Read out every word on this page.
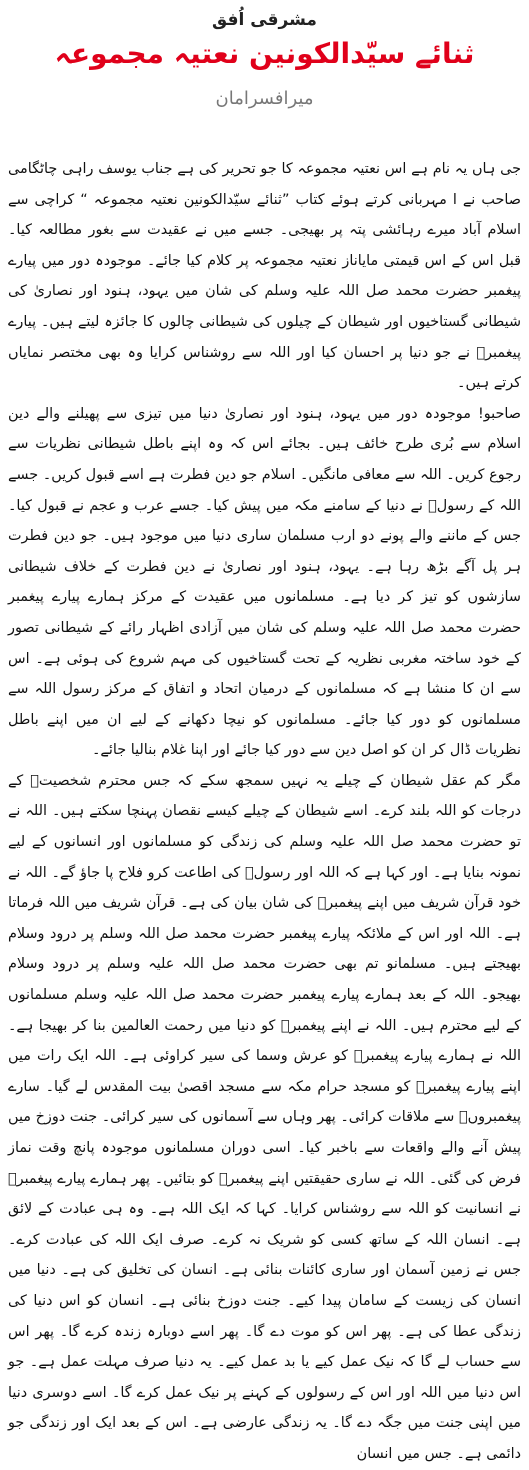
مشرقی اُفق
ثنائے سیّدالکونین نعتیہ مجموعہ
میرافسرامان

جی ہاں یہ نام ہے اس نعتیہ مجموعہ کا جو تحریر کی ہے جناب یوسف راہی چاٹگامی صاحب نے ا مہربانی کرتے ہوئے کتاب ”ثنائے سیّدالکونین نعتیہ مجموعہ “ کراچی سے اسلام آباد میرے رہائشی پتہ پر بھیجی۔ جسے میں نے عقیدت سے بغور مطالعہ کیا۔ قبل اس کے اس قیمتی مایاناز نعتیہ مجموعہ پر کلام کیا جائے۔ موجودہ دور میں پیارے پیغمبر حضرت محمد صل اللہ علیہ وسلم کی شان میں یہود، ہنود اور نصاریٰ کی شیطانی گستاخیوں اور شیطان کے چیلوں کی شیطانی چالوں کا جائزہ لیتے ہیں۔ پیارے پیغمبرؐ نے جو دنیا پر احسان کیا اور اللہ سے روشناس کرایا وہ بھی مختصر نمایاں کرتے ہیں۔

صاحبو! موجودہ دور میں یہود، ہنود اور نصاریٰ دنیا میں تیزی سے پھیلنے والے دین اسلام سے بُری طرح خائف ہیں۔ بجائے اس کہ وہ اپنے باطل شیطانی نظریات سے رجوع کریں۔ اللہ سے معافی مانگیں۔ اسلام جو دین فطرت ہے اسے قبول کریں۔ جسے اللہ کے رسولؐ نے دنیا کے سامنے مکہ میں پیش کیا۔ جسے عرب و عجم نے قبول کیا۔ جس کے ماننے والے پونے دو ارب مسلمان ساری دنیا میں موجود ہیں۔ جو دین فطرت ہر پل آگے بڑھ رہا ہے۔ یہود، ہنود اور نصاریٰ نے دین فطرت کے خلاف شیطانی سازشوں کو تیز کر دیا ہے۔ مسلمانوں میں عقیدت کے مرکز ہمارے پیارے پیغمبر حضرت محمد صل اللہ علیہ وسلم کی شان میں آزادی اظہار رائے کے شیطانی تصور کے خود ساختہ مغربی نظریہ کے تحت گستاخیوں کی مہم شروع کی ہوئی ہے۔ اس سے ان کا منشا ہے کہ مسلمانوں کے درمیان اتحاد و اتفاق کے مرکز رسول اللہ سے مسلمانوں کو دور کیا جائے۔ مسلمانوں کو نیچا دکھانے کے لیے ان میں اپنے باطل نظریات ڈال کر ان کو اصل دین سے دور کیا جائے اور اپنا غلام بنالیا جائے۔

مگر کم عقل شیطان کے چیلے یہ نہیں سمجھ سکے کہ جس محترم شخصیتؐ کے درجات کو اللہ بلند کرے۔ اسے شیطان کے چیلے کیسے نقصان پہنچا سکتے ہیں۔ اللہ نے تو حضرت محمد صل اللہ علیہ وسلم کی زندگی کو مسلمانوں اور انسانوں کے لیے نمونہ بنایا ہے۔ اور کہا ہے کہ اللہ اور رسولؐ کی اطاعت کرو فلاح پا جاؤ گے۔ اللہ نے خود قرآن شریف میں اپنے پیغمبرؐ کی شان بیان کی ہے۔ قرآن شریف میں اللہ فرماتا ہے۔ اللہ اور اس کے ملائکہ پیارے پیغمبر حضرت محمد صل اللہ وسلم پر درود وسلام بھیجتے ہیں۔ مسلمانو تم بھی حضرت محمد صل اللہ علیہ وسلم پر درود وسلام بھیجو۔ اللہ کے بعد ہمارے پیارے پیغمبر حضرت محمد صل اللہ علیہ وسلم مسلمانوں کے لیے محترم ہیں۔ اللہ نے اپنے پیغمبرؐ کو دنیا میں رحمت العالمین بنا کر بھیجا ہے۔ اللہ نے ہمارے پیارے پیغمبرؐ کو عرش وسما کی سیر کراوئی ہے۔ اللہ ایک رات میں اپنے پیارے پیغمبرؐ کو مسجد حرام مکہ سے مسجد اقصیٰ بیت المقدس لے گیا۔ سارے پیغمبروںؑ سے ملاقات کرائی۔ پھر وہاں سے آسمانوں کی سیر کرائی۔ جنت دوزخ میں پیش آنے والے واقعات سے باخبر کیا۔ اسی دوران مسلمانوں موجودہ پانچ وقت نماز فرض کی گئی۔ اللہ نے ساری حقیقتیں اپنے پیغمبرؐ کو بتائیں۔ پھر ہمارے پیارے پیغمبرؐ نے انسانیت کو اللہ سے روشناس کرایا۔ کہا کہ ایک اللہ ہے۔ وہ ہی عبادت کے لائق ہے۔ انسان اللہ کے ساتھ کسی کو شریک نہ کرے۔ صرف ایک اللہ کی عبادت کرے۔ جس نے زمین آسمان اور ساری کائنات بنائی ہے۔ انسان کی تخلیق کی ہے۔ دنیا میں انسان کی زیست کے سامان پیدا کیے۔ جنت دوزخ بنائی ہے۔ انسان کو اس دنیا کی زندگی عطا کی ہے۔ پھر اس کو موت دے گا۔ پھر اسے دوبارہ زندہ کرے گا۔ پھر اس سے حساب لے گا کہ نیک عمل کیے یا بد عمل کیے۔ یہ دنیا صرف مہلت عمل ہے۔ جو اس دنیا میں اللہ اور اس کے رسولوں کے کہنے پر نیک عمل کرے گا۔ اسے دوسری دنیا میں اپنی جنت میں جگہ دے گا۔ یہ زندگی عارضی ہے۔ اس کے بعد ایک اور زندگی جو دائمی ہے۔ جس میں انسان
